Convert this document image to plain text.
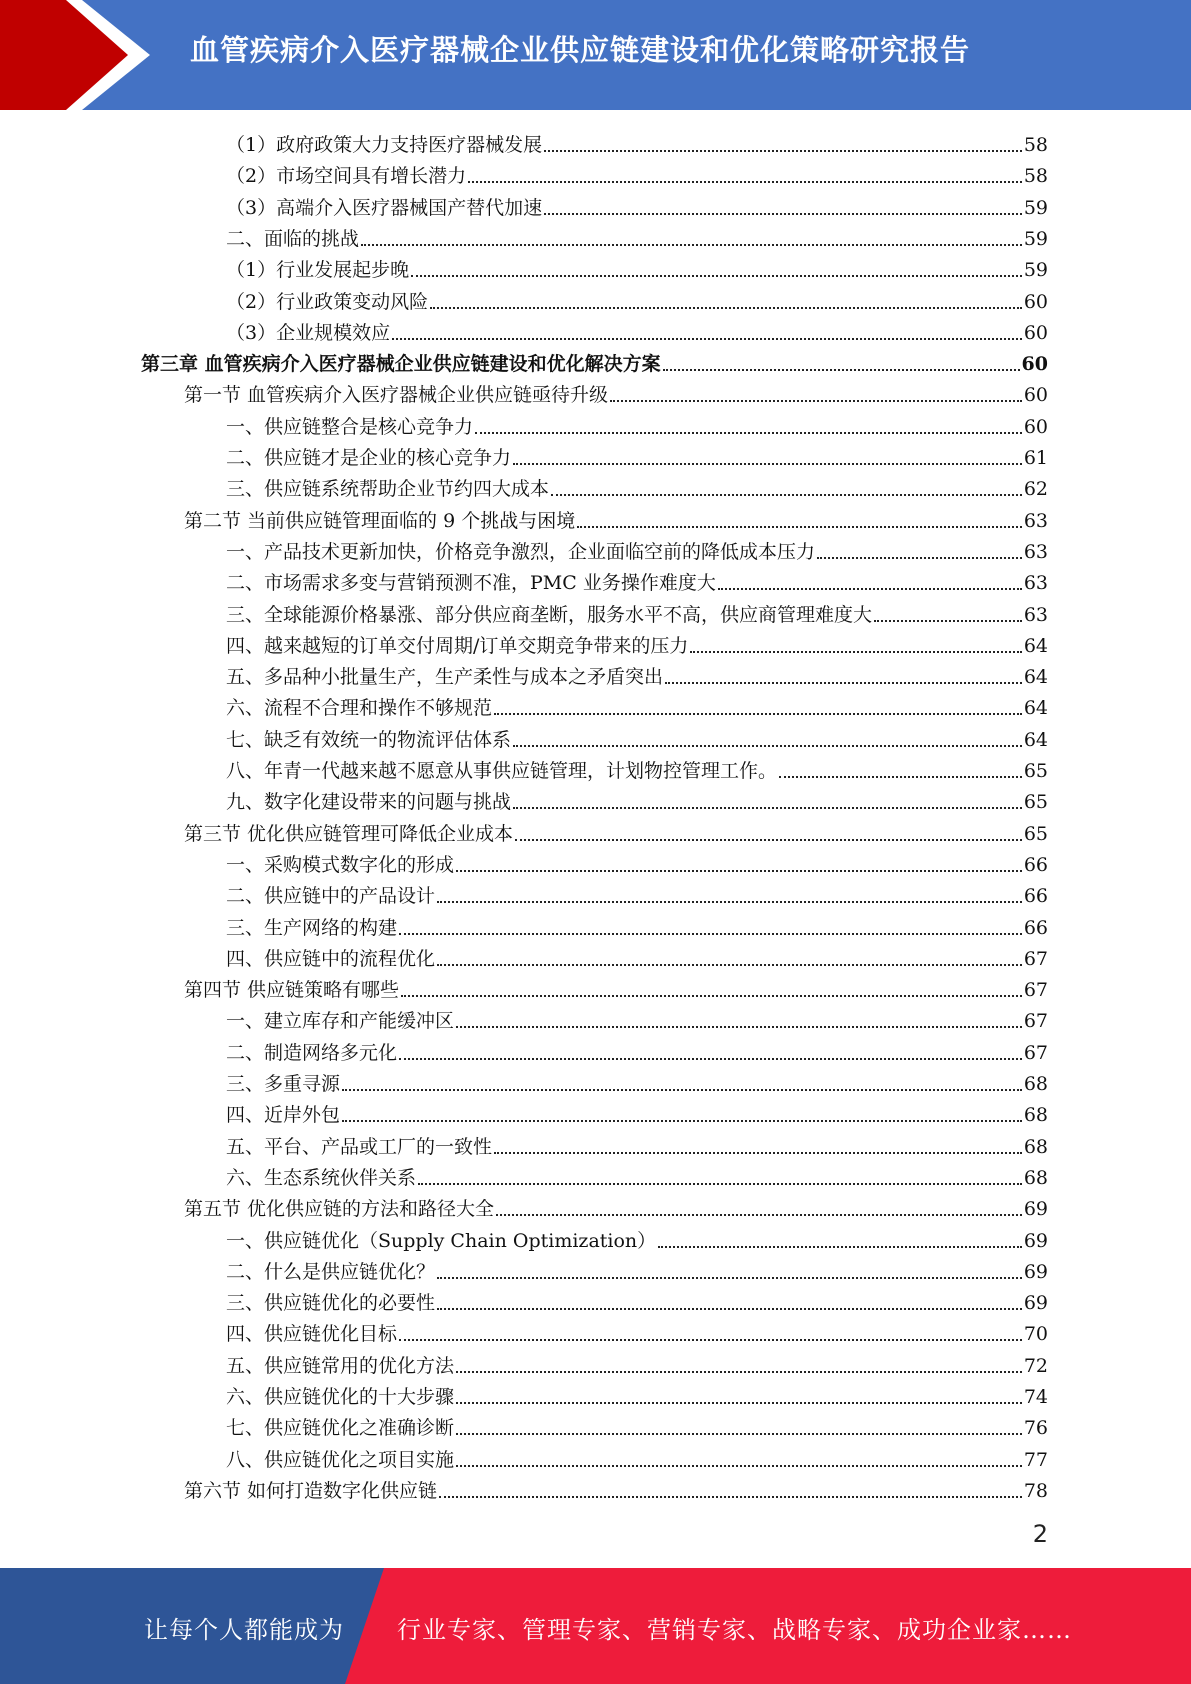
血管疾病介入医疗器械企业供应链建设和优化策略研究报告
（1）政府政策大力支持医疗器械发展	58
（2）市场空间具有增长潜力	58
（3）高端介入医疗器械国产替代加速	59
二、面临的挑战	59
（1）行业发展起步晚	59
（2）行业政策变动风险	60
（3）企业规模效应	60
第三章 血管疾病介入医疗器械企业供应链建设和优化解决方案	60
第一节 血管疾病介入医疗器械企业供应链亟待升级	60
一、供应链整合是核心竞争力	60
二、供应链才是企业的核心竞争力	61
三、供应链系统帮助企业节约四大成本	62
第二节 当前供应链管理面临的 9 个挑战与困境	63
一、产品技术更新加快，价格竞争激烈，企业面临空前的降低成本压力	63
二、市场需求多变与营销预测不准，PMC 业务操作难度大	63
三、全球能源价格暴涨、部分供应商垄断，服务水平不高，供应商管理难度大	63
四、越来越短的订单交付周期/订单交期竞争带来的压力	64
五、多品种小批量生产，生产柔性与成本之矛盾突出	64
六、流程不合理和操作不够规范	64
七、缺乏有效统一的物流评估体系	64
八、年青一代越来越不愿意从事供应链管理，计划物控管理工作。	65
九、数字化建设带来的问题与挑战	65
第三节 优化供应链管理可降低企业成本	65
一、采购模式数字化的形成	66
二、供应链中的产品设计	66
三、生产网络的构建	66
四、供应链中的流程优化	67
第四节 供应链策略有哪些	67
一、建立库存和产能缓冲区	67
二、制造网络多元化	67
三、多重寻源	68
四、近岸外包	68
五、平台、产品或工厂的一致性	68
六、生态系统伙伴关系	68
第五节 优化供应链的方法和路径大全	69
一、供应链优化（Supply Chain Optimization）	69
二、什么是供应链优化？	69
三、供应链优化的必要性	69
四、供应链优化目标	70
五、供应链常用的优化方法	72
六、供应链优化的十大步骤	74
七、供应链优化之准确诊断	76
八、供应链优化之项目实施	77
第六节 如何打造数字化供应链	78
2
让每个人都能成为 行业专家、管理专家、营销专家、战略专家、成功企业家……
